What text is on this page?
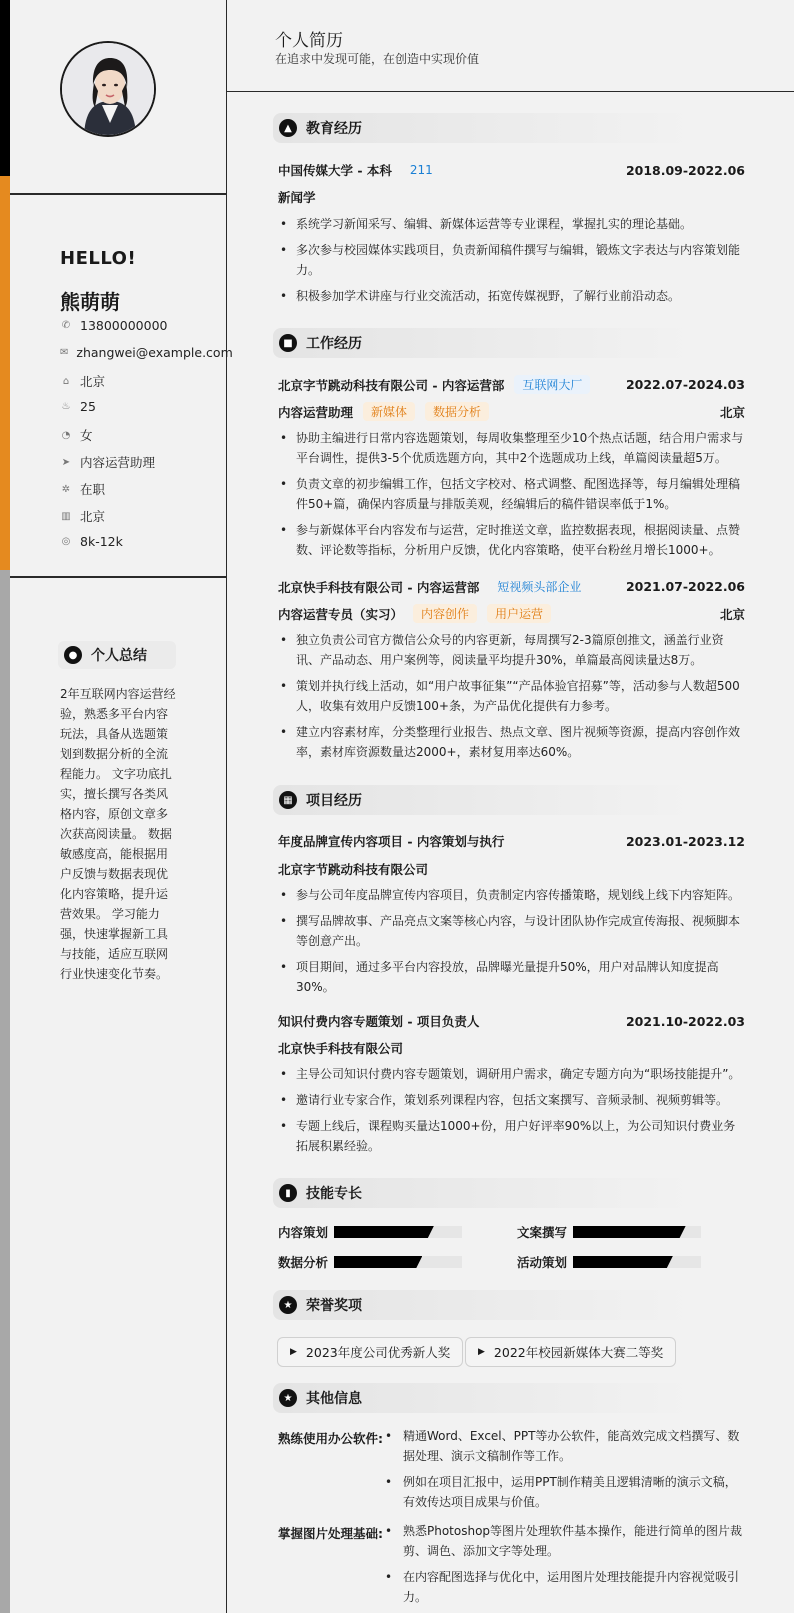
HELLO!
熊萌萌
✆ 13800000000
✉ zhangwei@example.com
⌂ 北京
♨ 25
◔ 女
➤ 内容运营助理
✲ 在职
▥ 北京
◎ 8k-12k
● 个人总结
2年互联网内容运营经验，熟悉多平台内容玩法，具备从选题策划到数据分析的全流程能力。 文字功底扎实，擅长撰写各类风格内容，原创文章多次获高阅读量。 数据敏感度高，能根据用户反馈与数据表现优化内容策略，提升运营效果。 学习能力强，快速掌握新工具与技能，适应互联网行业快速变化节奏。
个人简历
在追求中发现可能，在创造中实现价值
▲	教育经历
中国传媒大学 - 本科	211	2018.09-2022.06
新闻学
• 系统学习新闻采写、编辑、新媒体运营等专业课程，掌握扎实的理论基础。
• 多次参与校园媒体实践项目，负责新闻稿件撰写与编辑，锻炼文字表达与内容策划能力。
• 积极参加学术讲座与行业交流活动，拓宽传媒视野，了解行业前沿动态。
■ 工作经历
北京字节跳动科技有限公司 - 内容运营部	互联网大厂	2022.07-2024.03
内容运营助理	新媒体	数据分析	北京
• 协助主编进行日常内容选题策划，每周收集整理至少10个热点话题，结合用户需求与平台调性，提供3-5个优质选题方向，其中2个选题成功上线，单篇阅读量超5万。
• 负责文章的初步编辑工作，包括文字校对、格式调整、配图选择等，每月编辑处理稿件50+篇，确保内容质量与排版美观，经编辑后的稿件错误率低于1%。
• 参与新媒体平台内容发布与运营，定时推送文章，监控数据表现，根据阅读量、点赞数、评论数等指标，分析用户反馈，优化内容策略，使平台粉丝月增长1000+。
北京快手科技有限公司 - 内容运营部	短视频头部企业	2021.07-2022.06
内容运营专员（实习）	内容创作	用户运营	北京
• 独立负责公司官方微信公众号的内容更新，每周撰写2-3篇原创推文，涵盖行业资讯、产品动态、用户案例等，阅读量平均提升30%，单篇最高阅读量达8万。
• 策划并执行线上活动，如“用户故事征集”“产品体验官招募”等，活动参与人数超500人，收集有效用户反馈100+条，为产品优化提供有力参考。
• 建立内容素材库，分类整理行业报告、热点文章、图片视频等资源，提高内容创作效率，素材库资源数量达2000+，素材复用率达60%。
▦ 项目经历
年度品牌宣传内容项目 - 内容策划与执行	2023.01-2023.12
北京字节跳动科技有限公司
• 参与公司年度品牌宣传内容项目，负责制定内容传播策略，规划线上线下内容矩阵。
• 撰写品牌故事、产品亮点文案等核心内容，与设计团队协作完成宣传海报、视频脚本等创意产出。
• 项目期间，通过多平台内容投放，品牌曝光量提升50%，用户对品牌认知度提高30%。
知识付费内容专题策划 - 项目负责人	2021.10-2022.03
北京快手科技有限公司
• 主导公司知识付费内容专题策划，调研用户需求，确定专题方向为“职场技能提升”。
• 邀请行业专家合作，策划系列课程内容，包括文案撰写、音频录制、视频剪辑等。
• 专题上线后，课程购买量达1000+份，用户好评率90%以上，为公司知识付费业务拓展积累经验。
▮	技能专长
内容策划	文案撰写
数据分析	活动策划
★ 荣誉奖项
▶ 2023年度公司优秀新人奖	▶ 2022年校园新媒体大赛二等奖
★ 其他信息
熟练使用办公软件:	• 精通Word、Excel、PPT等办公软件，能高效完成文档撰写、数据处理、演示文稿制作等工作。
• 例如在项目汇报中，运用PPT制作精美且逻辑清晰的演示文稿，有效传达项目成果与价值。
掌握图片处理基础:	• 熟悉Photoshop等图片处理软件基本操作，能进行简单的图片裁剪、调色、添加文字等处理。
• 在内容配图选择与优化中，运用图片处理技能提升内容视觉吸引力。
